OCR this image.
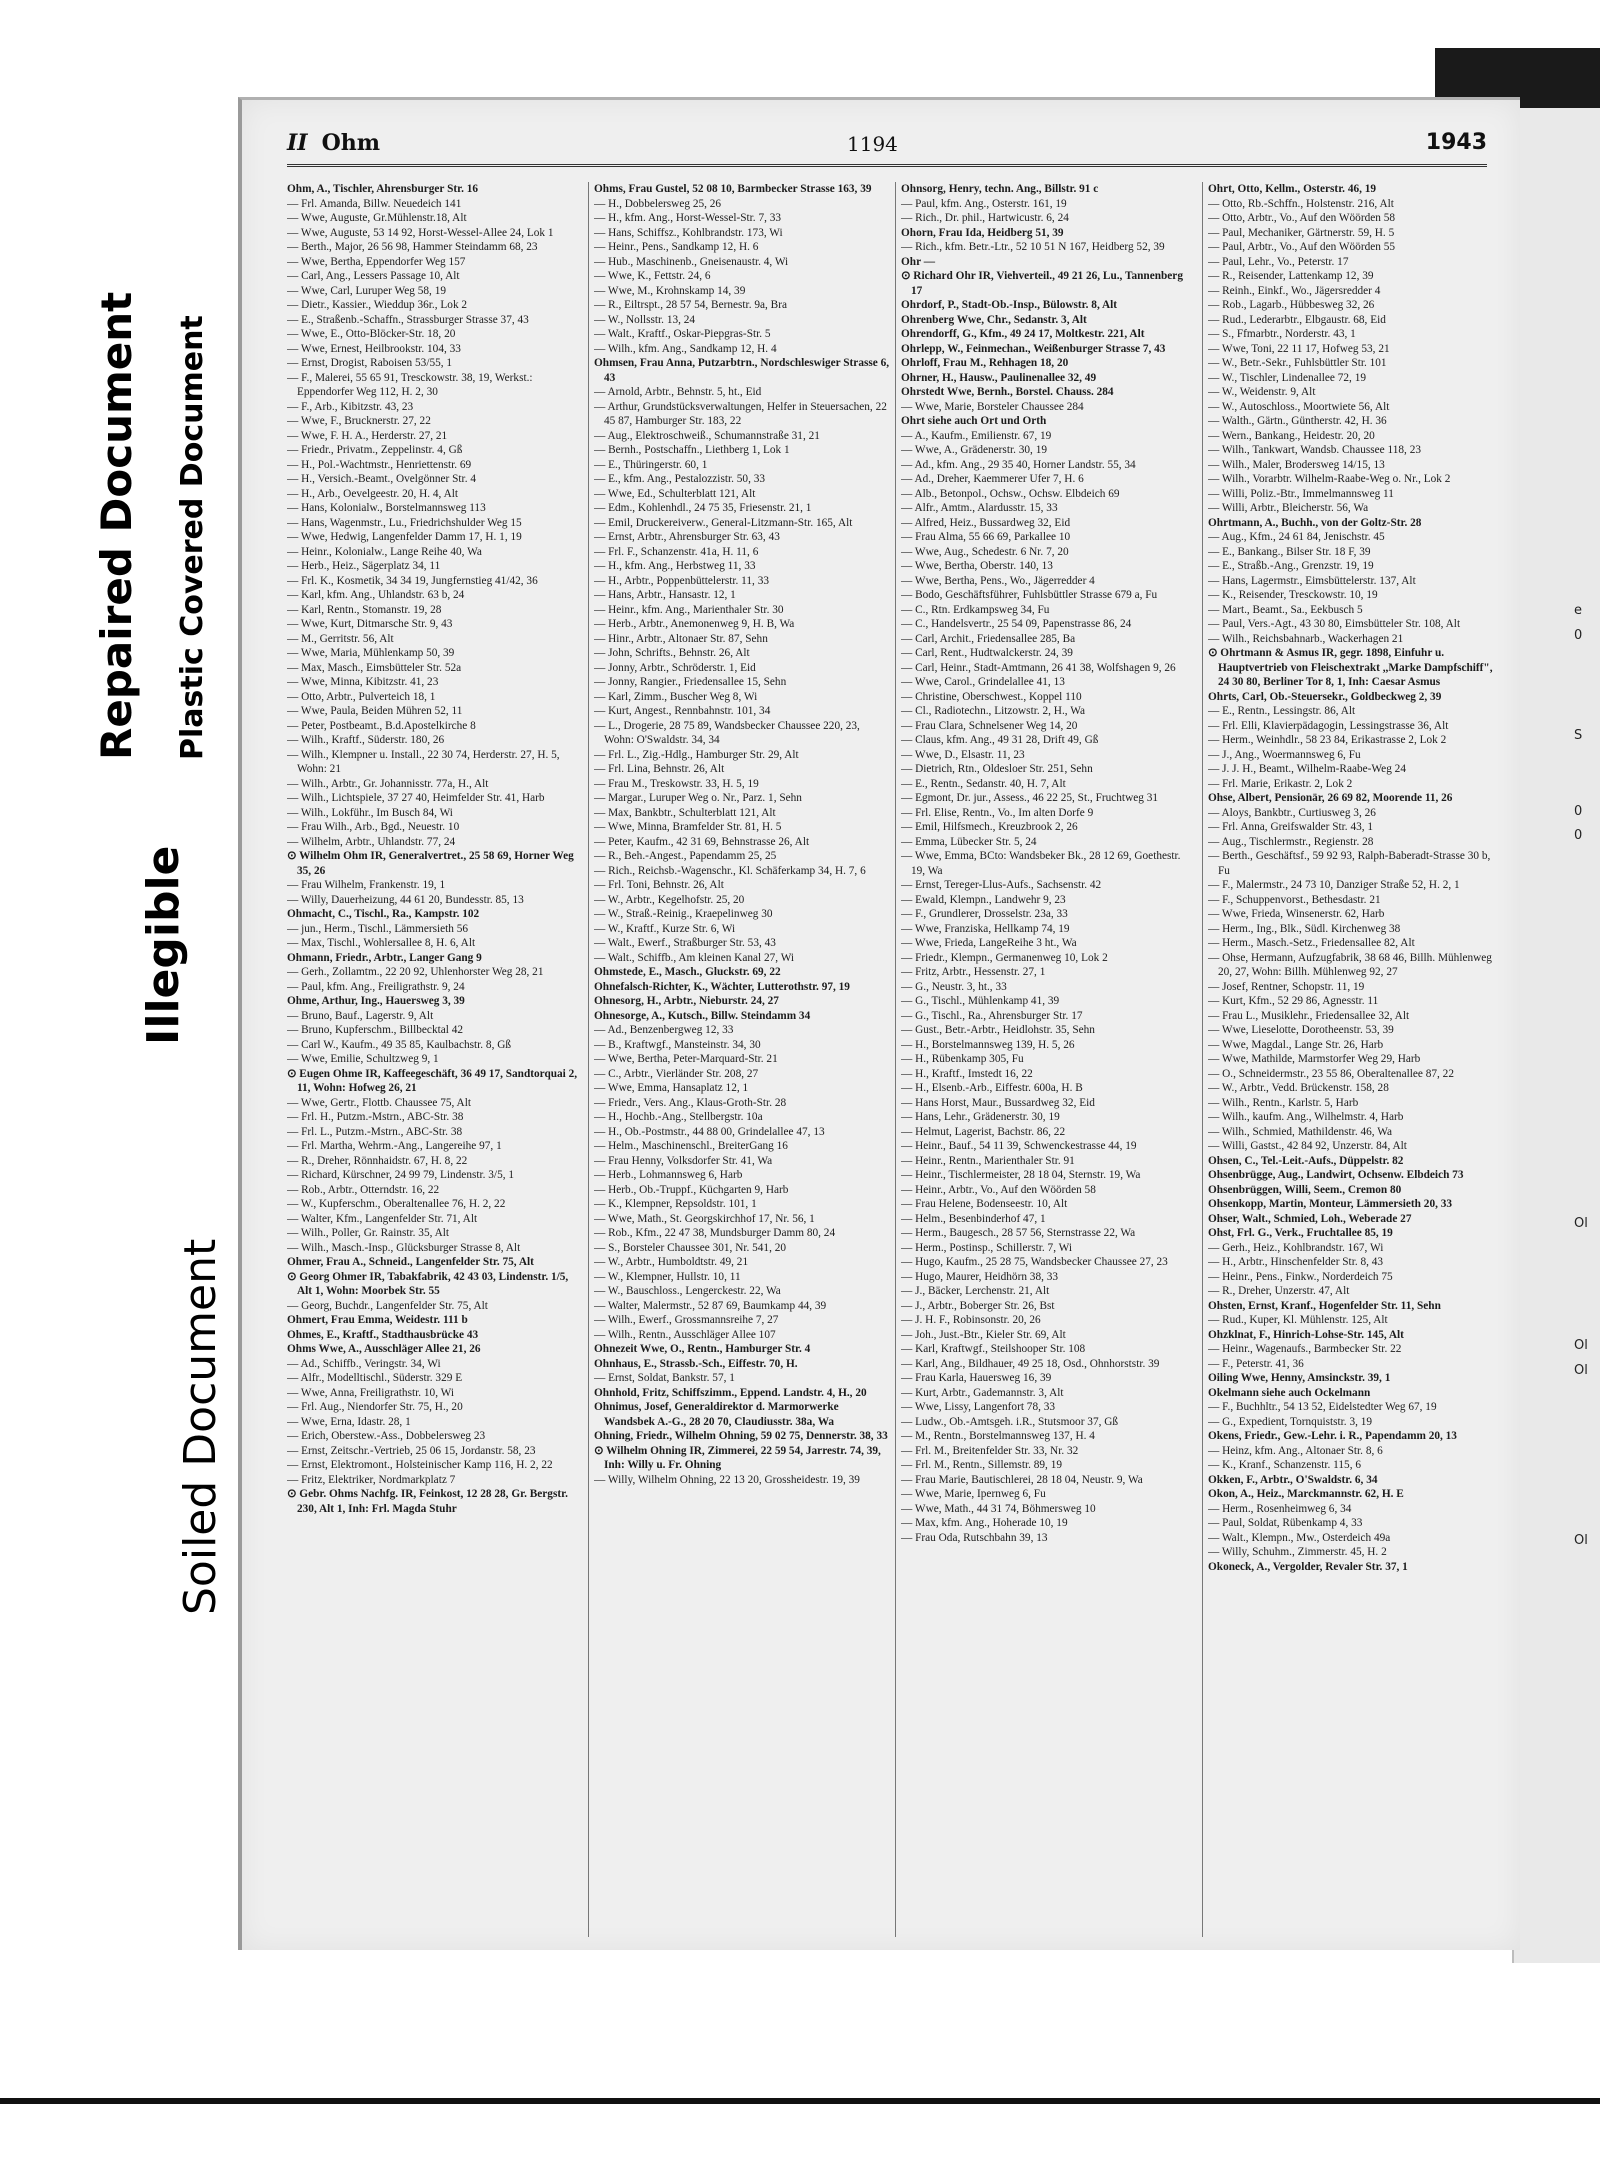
e
0
S
0
0
Ol
Ol
Ol
Ol
Repaired Document Plastic Covered Document
Illegible
Soiled Document
II Ohm	1194	1943

Ohm, A., Tischler, Ahrensburger Str. 16

— Frl. Amanda, Billw. Neuedeich 141

— Wwe, Auguste, Gr.Mühlenstr.18, Alt

— Wwe, Auguste, 53 14 92, Horst-Wessel-Allee 24, Lok 1

— Berth., Major, 26 56 98, Hammer Steindamm 68, 23

— Wwe, Bertha, Eppendorfer Weg 157

— Carl, Ang., Lessers Passage 10, Alt

— Wwe, Carl, Luruper Weg 58, 19

— Dietr., Kassier., Wieddup 36r., Lok 2

— E., Straßenb.-Schaffn., Strassburger Strasse 37, 43

— Wwe, E., Otto-Blöcker-Str. 18, 20

— Wwe, Ernest, Heilbrookstr. 104, 33

— Ernst, Drogist, Raboisen 53/55, 1

— F., Malerei, 55 65 91, Tresckowstr. 38, 19, Werkst.: Eppendorfer Weg 112, H. 2, 30

— F., Arb., Kibitzstr. 43, 23

— Wwe, F., Brucknerstr. 27, 22

— Wwe, F. H. A., Herderstr. 27, 21

— Friedr., Privatm., Zeppelinstr. 4, Gß

— H., Pol.-Wachtmstr., Henriettenstr. 69

— H., Versich.-Beamt., Ovelgönner Str. 4

— H., Arb., Oevelgeestr. 20, H. 4, Alt

— Hans, Kolonialw., Borstelmannsweg 113

— Hans, Wagenmstr., Lu., Friedrichshulder Weg 15

— Wwe, Hedwig, Langenfelder Damm 17, H. 1, 19

— Heinr., Kolonialw., Lange Reihe 40, Wa

— Herb., Heiz., Sägerplatz 34, 11

— Frl. K., Kosmetik, 34 34 19, Jungfernstieg 41/42, 36

— Karl, kfm. Ang., Uhlandstr. 63 b, 24

— Karl, Rentn., Stomanstr. 19, 28

— Wwe, Kurt, Ditmarsche Str. 9, 43

— M., Gerritstr. 56, Alt

— Wwe, Maria, Mühlenkamp 50, 39

— Max, Masch., Eimsbütteler Str. 52a

— Wwe, Minna, Kibitzstr. 41, 23

— Otto, Arbtr., Pulverteich 18, 1

— Wwe, Paula, Beiden Mühren 52, 11

— Peter, Postbeamt., B.d.Apostelkirche 8

— Wilh., Kraftf., Süderstr. 180, 26

— Wilh., Klempner u. Install., 22 30 74, Herderstr. 27, H. 5, Wohn: 21

— Wilh., Arbtr., Gr. Johannisstr. 77a, H., Alt

— Wilh., Lichtspiele, 37 27 40, Heimfelder Str. 41, Harb

— Wilh., Lokführ., Im Busch 84, Wi

— Frau Wilh., Arb., Bgd., Neuestr. 10

— Wilhelm, Arbtr., Uhlandstr. 77, 24

⊙ Wilhelm Ohm IR, Generalvertret., 25 58 69, Horner Weg 35, 26

— Frau Wilhelm, Frankenstr. 19, 1

— Willy, Dauerheizung, 44 61 20, Bundesstr. 85, 13

Ohmacht, C., Tischl., Ra., Kampstr. 102

— jun., Herm., Tischl., Lämmersieth 56

— Max, Tischl., Wohlersallee 8, H. 6, Alt

Ohmann, Friedr., Arbtr., Langer Gang 9

— Gerh., Zollamtm., 22 20 92, Uhlenhorster Weg 28, 21

— Paul, kfm. Ang., Freiligrathstr. 9, 24

Ohme, Arthur, Ing., Hauersweg 3, 39

— Bruno, Bauf., Lagerstr. 9, Alt

— Bruno, Kupferschm., Billbecktal 42

— Carl W., Kaufm., 49 35 85, Kaulbachstr. 8, Gß

— Wwe, Emilie, Schultzweg 9, 1

⊙ Eugen Ohme IR, Kaffeegeschäft, 36 49 17, Sandtorquai 2, 11, Wohn: Hofweg 26, 21

— Wwe, Gertr., Flottb. Chaussee 75, Alt

— Frl. H., Putzm.-Mstrn., ABC-Str. 38

— Frl. L., Putzm.-Mstrn., ABC-Str. 38

— Frl. Martha, Wehrm.-Ang., Langereihe 97, 1

— R., Dreher, Rönnhaidstr. 67, H. 8, 22

— Richard, Kürschner, 24 99 79, Lindenstr. 3/5, 1

— Rob., Arbtr., Otterndstr. 16, 22

— W., Kupferschm., Oberaltenallee 76, H. 2, 22

— Walter, Kfm., Langenfelder Str. 71, Alt

— Wilh., Poller, Gr. Rainstr. 35, Alt

— Wilh., Masch.-Insp., Glücksburger Strasse 8, Alt

Ohmer, Frau A., Schneid., Langenfelder Str. 75, Alt

⊙ Georg Ohmer IR, Tabakfabrik, 42 43 03, Lindenstr. 1/5, Alt 1, Wohn: Moorbek Str. 55

— Georg, Buchdr., Langenfelder Str. 75, Alt

Ohmert, Frau Emma, Weidestr. 111 b

Ohmes, E., Kraftf., Stadthausbrücke 43

Ohms Wwe, A., Ausschläger Allee 21, 26

— Ad., Schiffb., Veringstr. 34, Wi

— Alfr., Modelltischl., Süderstr. 329 E

— Wwe, Anna, Freiligrathstr. 10, Wi

— Frl. Aug., Niendorfer Str. 75, H., 20

— Wwe, Erna, Idastr. 28, 1

— Erich, Oberstew.-Ass., Dobbelersweg 23

— Ernst, Zeitschr.-Vertrieb, 25 06 15, Jordanstr. 58, 23

— Ernst, Elektromont., Holsteinischer Kamp 116, H. 2, 22

— Fritz, Elektriker, Nordmarkplatz 7

⊙ Gebr. Ohms Nachfg. IR, Feinkost, 12 28 28, Gr. Bergstr. 230, Alt 1, Inh: Frl. Magda Stuhr

Ohms, Frau Gustel, 52 08 10, Barmbecker Strasse 163, 39

— H., Dobbelersweg 25, 26

— H., kfm. Ang., Horst-Wessel-Str. 7, 33

— Hans, Schiffsz., Kohlbrandstr. 173, Wi

— Heinr., Pens., Sandkamp 12, H. 6

— Hub., Maschinenb., Gneisenaustr. 4, Wi

— Wwe, K., Fettstr. 24, 6

— Wwe, M., Krohnskamp 14, 39

— R., Eiltrspt., 28 57 54, Bernestr. 9a, Bra

— W., Nollsstr. 13, 24

— Walt., Kraftf., Oskar-Piepgras-Str. 5

— Wilh., kfm. Ang., Sandkamp 12, H. 4

Ohmsen, Frau Anna, Putzarbtrn., Nordschleswiger Strasse 6, 43

— Arnold, Arbtr., Behnstr. 5, ht., Eid

— Arthur, Grundstücksverwaltungen, Helfer in Steuersachen, 22 45 87, Hamburger Str. 183, 22

— Aug., Elektroschweiß., Schumannstraße 31, 21

— Bernh., Postschaffn., Liethberg 1, Lok 1

— E., Thüringerstr. 60, 1

— E., kfm. Ang., Pestalozzistr. 50, 33

— Wwe, Ed., Schulterblatt 121, Alt

— Edm., Kohlenhdl., 24 75 35, Friesenstr. 21, 1

— Emil, Druckereiverw., General-Litzmann-Str. 165, Alt

— Ernst, Arbtr., Ahrensburger Str. 63, 43

— Frl. F., Schanzenstr. 41a, H. 11, 6

— H., kfm. Ang., Herbstweg 11, 33

— H., Arbtr., Poppenbüttelerstr. 11, 33

— Hans, Arbtr., Hansastr. 12, 1

— Heinr., kfm. Ang., Marienthaler Str. 30

— Herb., Arbtr., Anemonenweg 9, H. B, Wa

— Hinr., Arbtr., Altonaer Str. 87, Sehn

— John, Schrifts., Behnstr. 26, Alt

— Jonny, Arbtr., Schröderstr. 1, Eid

— Jonny, Rangier., Friedensallee 15, Sehn

— Karl, Zimm., Buscher Weg 8, Wi

— Kurt, Angest., Rennbahnstr. 101, 34

— L., Drogerie, 28 75 89, Wandsbecker Chaussee 220, 23, Wohn: O'Swaldstr. 34, 34

— Frl. L., Zig.-Hdlg., Hamburger Str. 29, Alt

— Frl. Lina, Behnstr. 26, Alt

— Frau M., Treskowstr. 33, H. 5, 19

— Margar., Luruper Weg o. Nr., Parz. 1, Sehn

— Max, Bankbtr., Schulterblatt 121, Alt

— Wwe, Minna, Bramfelder Str. 81, H. 5

— Peter, Kaufm., 42 31 69, Behnstrasse 26, Alt

— R., Beh.-Angest., Papendamm 25, 25

— Rich., Reichsb.-Wagenschr., Kl. Schäferkamp 34, H. 7, 6

— Frl. Toni, Behnstr. 26, Alt

— W., Arbtr., Kegelhofstr. 25, 20

— W., Straß.-Reinig., Kraepelinweg 30

— W., Kraftf., Kurze Str. 6, Wi

— Walt., Ewerf., Straßburger Str. 53, 43

— Walt., Schiffb., Am kleinen Kanal 27, Wi

Ohmstede, E., Masch., Gluckstr. 69, 22

Ohnefalsch-Richter, K., Wächter, Lutterothstr. 97, 19

Ohnesorg, H., Arbtr., Nieburstr. 24, 27

Ohnesorge, A., Kutsch., Billw. Steindamm 34

— Ad., Benzenbergweg 12, 33

— B., Kraftwgf., Mansteinstr. 34, 30

— Wwe, Bertha, Peter-Marquard-Str. 21

— C., Arbtr., Vierländer Str. 208, 27

— Wwe, Emma, Hansaplatz 12, 1

— Friedr., Vers. Ang., Klaus-Groth-Str. 28

— H., Hochb.-Ang., Stellbergstr. 10a

— H., Ob.-Postmstr., 44 88 00, Grindelallee 47, 13

— Helm., Maschinenschl., BreiterGang 16

— Frau Henny, Volksdorfer Str. 41, Wa

— Herb., Lohmannsweg 6, Harb

— Herb., Ob.-Truppf., Küchgarten 9, Harb

— K., Klempner, Repsoldstr. 101, 1

— Wwe, Math., St. Georgskirchhof 17, Nr. 56, 1

— Rob., Kfm., 22 47 38, Mundsburger Damm 80, 24

— S., Borsteler Chaussee 301, Nr. 541, 20

— W., Arbtr., Humboldtstr. 49, 21

— W., Klempner, Hullstr. 10, 11

— W., Bauschloss., Lengerckestr. 22, Wa

— Walter, Malermstr., 52 87 69, Baumkamp 44, 39

— Wilh., Ewerf., Grossmannsreihe 7, 27

— Wilh., Rentn., Ausschläger Allee 107

Ohnezeit Wwe, O., Rentn., Hamburger Str. 4

Ohnhaus, E., Strassb.-Sch., Eiffestr. 70, H.

— Ernst, Soldat, Bankstr. 57, 1

Ohnhold, Fritz, Schiffszimm., Eppend. Landstr. 4, H., 20

Ohnimus, Josef, Generaldirektor d. Marmorwerke Wandsbek A.-G., 28 20 70, Claudiusstr. 38a, Wa

Ohning, Friedr., Wilhelm Ohning, 59 02 75, Dennerstr. 38, 33

⊙ Wilhelm Ohning IR, Zimmerei, 22 59 54, Jarrestr. 74, 39, Inh: Willy u. Fr. Ohning

— Willy, Wilhelm Ohning, 22 13 20, Grossheidestr. 19, 39

Ohnsorg, Henry, techn. Ang., Billstr. 91 c

— Paul, kfm. Ang., Osterstr. 161, 19

— Rich., Dr. phil., Hartwicustr. 6, 24

Ohorn, Frau Ida, Heidberg 51, 39

— Rich., kfm. Betr.-Ltr., 52 10 51 N 167, Heidberg 52, 39

Ohr —

⊙ Richard Ohr IR, Viehverteil., 49 21 26, Lu., Tannenberg 17

Ohrdorf, P., Stadt-Ob.-Insp., Bülowstr. 8, Alt

Ohrenberg Wwe, Chr., Sedanstr. 3, Alt

Ohrendorff, G., Kfm., 49 24 17, Moltkestr. 221, Alt

Ohrlepp, W., Feinmechan., Weißenburger Strasse 7, 43

Ohrloff, Frau M., Rehhagen 18, 20

Ohrner, H., Hausw., Paulinenallee 32, 49

Ohrstedt Wwe, Bernh., Borstel. Chauss. 284

— Wwe, Marie, Borsteler Chaussee 284

Ohrt siehe auch Ort und Orth

— A., Kaufm., Emilienstr. 67, 19

— Wwe, A., Grädenerstr. 30, 19

— Ad., kfm. Ang., 29 35 40, Horner Landstr. 55, 34

— Ad., Dreher, Kaemmerer Ufer 7, H. 6

— Alb., Betonpol., Ochsw., Ochsw. Elbdeich 69

— Alfr., Amtm., Alardusstr. 15, 33

— Alfred, Heiz., Bussardweg 32, Eid

— Frau Alma, 55 66 69, Parkallee 10

— Wwe, Aug., Schedestr. 6 Nr. 7, 20

— Wwe, Bertha, Oberstr. 140, 13

— Wwe, Bertha, Pens., Wo., Jägerredder 4

— Bodo, Geschäftsführer, Fuhlsbüttler Strasse 679 a, Fu

— C., Rtn. Erdkampsweg 34, Fu

— C., Handelsvertr., 25 54 09, Papenstrasse 86, 24

— Carl, Archit., Friedensallee 285, Ba

— Carl, Rent., Hudtwalckerstr. 24, 39

— Carl, Heinr., Stadt-Amtmann, 26 41 38, Wolfshagen 9, 26

— Wwe, Carol., Grindelallee 41, 13

— Christine, Oberschwest., Koppel 110

— Cl., Radiotechn., Litzowstr. 2, H., Wa

— Frau Clara, Schnelsener Weg 14, 20

— Claus, kfm. Ang., 49 31 28, Drift 49, Gß

— Wwe, D., Elsastr. 11, 23

— Dietrich, Rtn., Oldesloer Str. 251, Sehn

— E., Rentn., Sedanstr. 40, H. 7, Alt

— Egmont, Dr. jur., Assess., 46 22 25, St., Fruchtweg 31

— Frl. Elise, Rentn., Vo., Im alten Dorfe 9

— Emil, Hilfsmech., Kreuzbrook 2, 26

— Emma, Lübecker Str. 5, 24

— Wwe, Emma, BCto: Wandsbeker Bk., 28 12 69, Goethestr. 19, Wa

— Ernst, Tereger-Llus-Aufs., Sachsenstr. 42

— Ewald, Klempn., Landwehr 9, 23

— F., Grundlerer, Drosselstr. 23a, 33

— Wwe, Franziska, Hellkamp 74, 19

— Wwe, Frieda, LangeReihe 3 ht., Wa

— Friedr., Klempn., Germanenweg 10, Lok 2

— Fritz, Arbtr., Hessenstr. 27, 1

— G., Neustr. 3, ht., 33

— G., Tischl., Mühlenkamp 41, 39

— G., Tischl., Ra., Ahrensburger Str. 17

— Gust., Betr.-Arbtr., Heidlohstr. 35, Sehn

— H., Borstelmannsweg 139, H. 5, 26

— H., Rübenkamp 305, Fu

— H., Kraftf., Imstedt 16, 22

— H., Elsenb.-Arb., Eiffestr. 600a, H. B

— Hans Horst, Maur., Bussardweg 32, Eid

— Hans, Lehr., Grädenerstr. 30, 19

— Helmut, Lagerist, Bachstr. 86, 22

— Heinr., Bauf., 54 11 39, Schwenckestrasse 44, 19

— Heinr., Rentn., Marienthaler Str. 91

— Heinr., Tischlermeister, 28 18 04, Sternstr. 19, Wa

— Heinr., Arbtr., Vo., Auf den Wöörden 58

— Frau Helene, Bodenseestr. 10, Alt

— Helm., Besenbinderhof 47, 1

— Herm., Baugesch., 28 57 56, Sternstrasse 22, Wa

— Herm., Postinsp., Schillerstr. 7, Wi

— Hugo, Kaufm., 25 28 75, Wandsbecker Chaussee 27, 23

— Hugo, Maurer, Heidhörn 38, 33

— J., Bäcker, Lerchenstr. 21, Alt

— J., Arbtr., Boberger Str. 26, Bst

— J. H. F., Robinsonstr. 20, 26

— Joh., Just.-Btr., Kieler Str. 69, Alt

— Karl, Kraftwgf., Steilshooper Str. 108

— Karl, Ang., Bildhauer, 49 25 18, Osd., Ohnhorststr. 39

— Frau Karla, Hauersweg 16, 39

— Kurt, Arbtr., Gademannstr. 3, Alt

— Wwe, Lissy, Langenfort 78, 33

— Ludw., Ob.-Amtsgeh. i.R., Stutsmoor 37, Gß

— M., Rentn., Borstelmannsweg 137, H. 4

— Frl. M., Breitenfelder Str. 33, Nr. 32

— Frl. M., Rentn., Sillemstr. 89, 19

— Frau Marie, Bautischlerei, 28 18 04, Neustr. 9, Wa

— Wwe, Marie, Ipernweg 6, Fu

— Wwe, Math., 44 31 74, Böhmersweg 10

— Max, kfm. Ang., Hoherade 10, 19

— Frau Oda, Rutschbahn 39, 13

Ohrt, Otto, Kellm., Osterstr. 46, 19

— Otto, Rb.-Schffn., Holstenstr. 216, Alt

— Otto, Arbtr., Vo., Auf den Wöörden 58

— Paul, Mechaniker, Gärtnerstr. 59, H. 5

— Paul, Arbtr., Vo., Auf den Wöörden 55

— Paul, Lehr., Vo., Peterstr. 17

— R., Reisender, Lattenkamp 12, 39

— Reinh., Einkf., Wo., Jägersredder 4

— Rob., Lagarb., Hübbesweg 32, 26

— Rud., Lederarbtr., Elbgaustr. 68, Eid

— S., Ffmarbtr., Norderstr. 43, 1

— Wwe, Toni, 22 11 17, Hofweg 53, 21

— W., Betr.-Sekr., Fuhlsbüttler Str. 101

— W., Tischler, Lindenallee 72, 19

— W., Weidenstr. 9, Alt

— W., Autoschloss., Moortwiete 56, Alt

— Walth., Gärtn., Güntherstr. 42, H. 36

— Wern., Bankang., Heidestr. 20, 20

— Wilh., Tankwart, Wandsb. Chaussee 118, 23

— Wilh., Maler, Brodersweg 14/15, 13

— Wilh., Vorarbtr. Wilhelm-Raabe-Weg o. Nr., Lok 2

— Willi, Poliz.-Btr., Immelmannsweg 11

— Willi, Arbtr., Bleicherstr. 56, Wa

Ohrtmann, A., Buchh., von der Goltz-Str. 28

— Aug., Kfm., 24 61 84, Jenischstr. 45

— E., Bankang., Bilser Str. 18 F, 39

— E., Straßb.-Ang., Grenzstr. 19, 19

— Hans, Lagermstr., Eimsbüttelerstr. 137, Alt

— K., Reisender, Tresckowstr. 10, 19

— Mart., Beamt., Sa., Eekbusch 5

— Paul, Vers.-Agt., 43 30 80, Eimsbütteler Str. 108, Alt

— Wilh., Reichsbahnarb., Wackerhagen 21

⊙ Ohrtmann & Asmus IR, gegr. 1898, Einfuhr u. Hauptvertrieb von Fleischextrakt ,,Marke Dampfschiff", 24 30 80, Berliner Tor 8, 1, Inh: Caesar Asmus

Ohrts, Carl, Ob.-Steuersekr., Goldbeckweg 2, 39

— E., Rentn., Lessingstr. 86, Alt

— Frl. Elli, Klavierpädagogin, Lessingstrasse 36, Alt

— Herm., Weinhdlr., 58 23 84, Erikastrasse 2, Lok 2

— J., Ang., Woermannsweg 6, Fu

— J. J. H., Beamt., Wilhelm-Raabe-Weg 24

— Frl. Marie, Erikastr. 2, Lok 2

Ohse, Albert, Pensionär, 26 69 82, Moorende 11, 26

— Aloys, Bankbtr., Curtiusweg 3, 26

— Frl. Anna, Greifswalder Str. 43, 1

— Aug., Tischlermstr., Regienstr. 28

— Berth., Geschäftsf., 59 92 93, Ralph-Baberadt-Strasse 30 b, Fu

— F., Malermstr., 24 73 10, Danziger Straße 52, H. 2, 1

— F., Schuppenvorst., Bethesdastr. 21

— Wwe, Frieda, Winsenerstr. 62, Harb

— Herm., Ing., Blk., Südl. Kirchenweg 38

— Herm., Masch.-Setz., Friedensallee 82, Alt

— Ohse, Hermann, Aufzugfabrik, 38 68 46, Billh. Mühlenweg 20, 27, Wohn: Billh. Mühlenweg 92, 27

— Josef, Rentner, Schopstr. 11, 19

— Kurt, Kfm., 52 29 86, Agnesstr. 11

— Frau L., Musiklehr., Friedensallee 32, Alt

— Wwe, Lieselotte, Dorotheenstr. 53, 39

— Wwe, Magdal., Lange Str. 26, Harb

— Wwe, Mathilde, Marmstorfer Weg 29, Harb

— O., Schneidermstr., 23 55 86, Oberaltenallee 87, 22

— W., Arbtr., Vedd. Brückenstr. 158, 28

— Wilh., Rentn., Karlstr. 5, Harb

— Wilh., kaufm. Ang., Wilhelmstr. 4, Harb

— Wilh., Schmied, Mathildenstr. 46, Wa

— Willi, Gastst., 42 84 92, Unzerstr. 84, Alt

Ohsen, C., Tel.-Leit.-Aufs., Düppelstr. 82

Ohsenbrügge, Aug., Landwirt, Ochsenw. Elbdeich 73

Ohsenbrüggen, Willi, Seem., Cremon 80

Ohsenkopp, Martin, Monteur, Lämmersieth 20, 33

Ohser, Walt., Schmied, Loh., Weberade 27

Ohst, Frl. G., Verk., Fruchtallee 85, 19

— Gerh., Heiz., Kohlbrandstr. 167, Wi

— H., Arbtr., Hinschenfelder Str. 8, 43

— Heinr., Pens., Finkw., Norderdeich 75

— R., Dreher, Unzerstr. 47, Alt

Ohsten, Ernst, Kranf., Hogenfelder Str. 11, Sehn

— Rud., Kuper, Kl. Mühlenstr. 125, Alt

Ohzklnat, F., Hinrich-Lohse-Str. 145, Alt

— Heinr., Wagenaufs., Barmbecker Str. 22

— F., Peterstr. 41, 36

Oiling Wwe, Henny, Amsinckstr. 39, 1

Okelmann siehe auch Ockelmann

— F., Buchhltr., 54 13 52, Eidelstedter Weg 67, 19

— G., Expedient, Tornquiststr. 3, 19

Okens, Friedr., Gew.-Lehr. i. R., Papendamm 20, 13

— Heinz, kfm. Ang., Altonaer Str. 8, 6

— K., Kranf., Schanzenstr. 115, 6

Okken, F., Arbtr., O'Swaldstr. 6, 34

Okon, A., Heiz., Marckmannstr. 62, H. E

— Herm., Rosenheimweg 6, 34

— Paul, Soldat, Rübenkamp 4, 33

— Walt., Klempn., Mw., Osterdeich 49a

— Willy, Schuhm., Zimmerstr. 45, H. 2

Okoneck, A., Vergolder, Revaler Str. 37, 1
